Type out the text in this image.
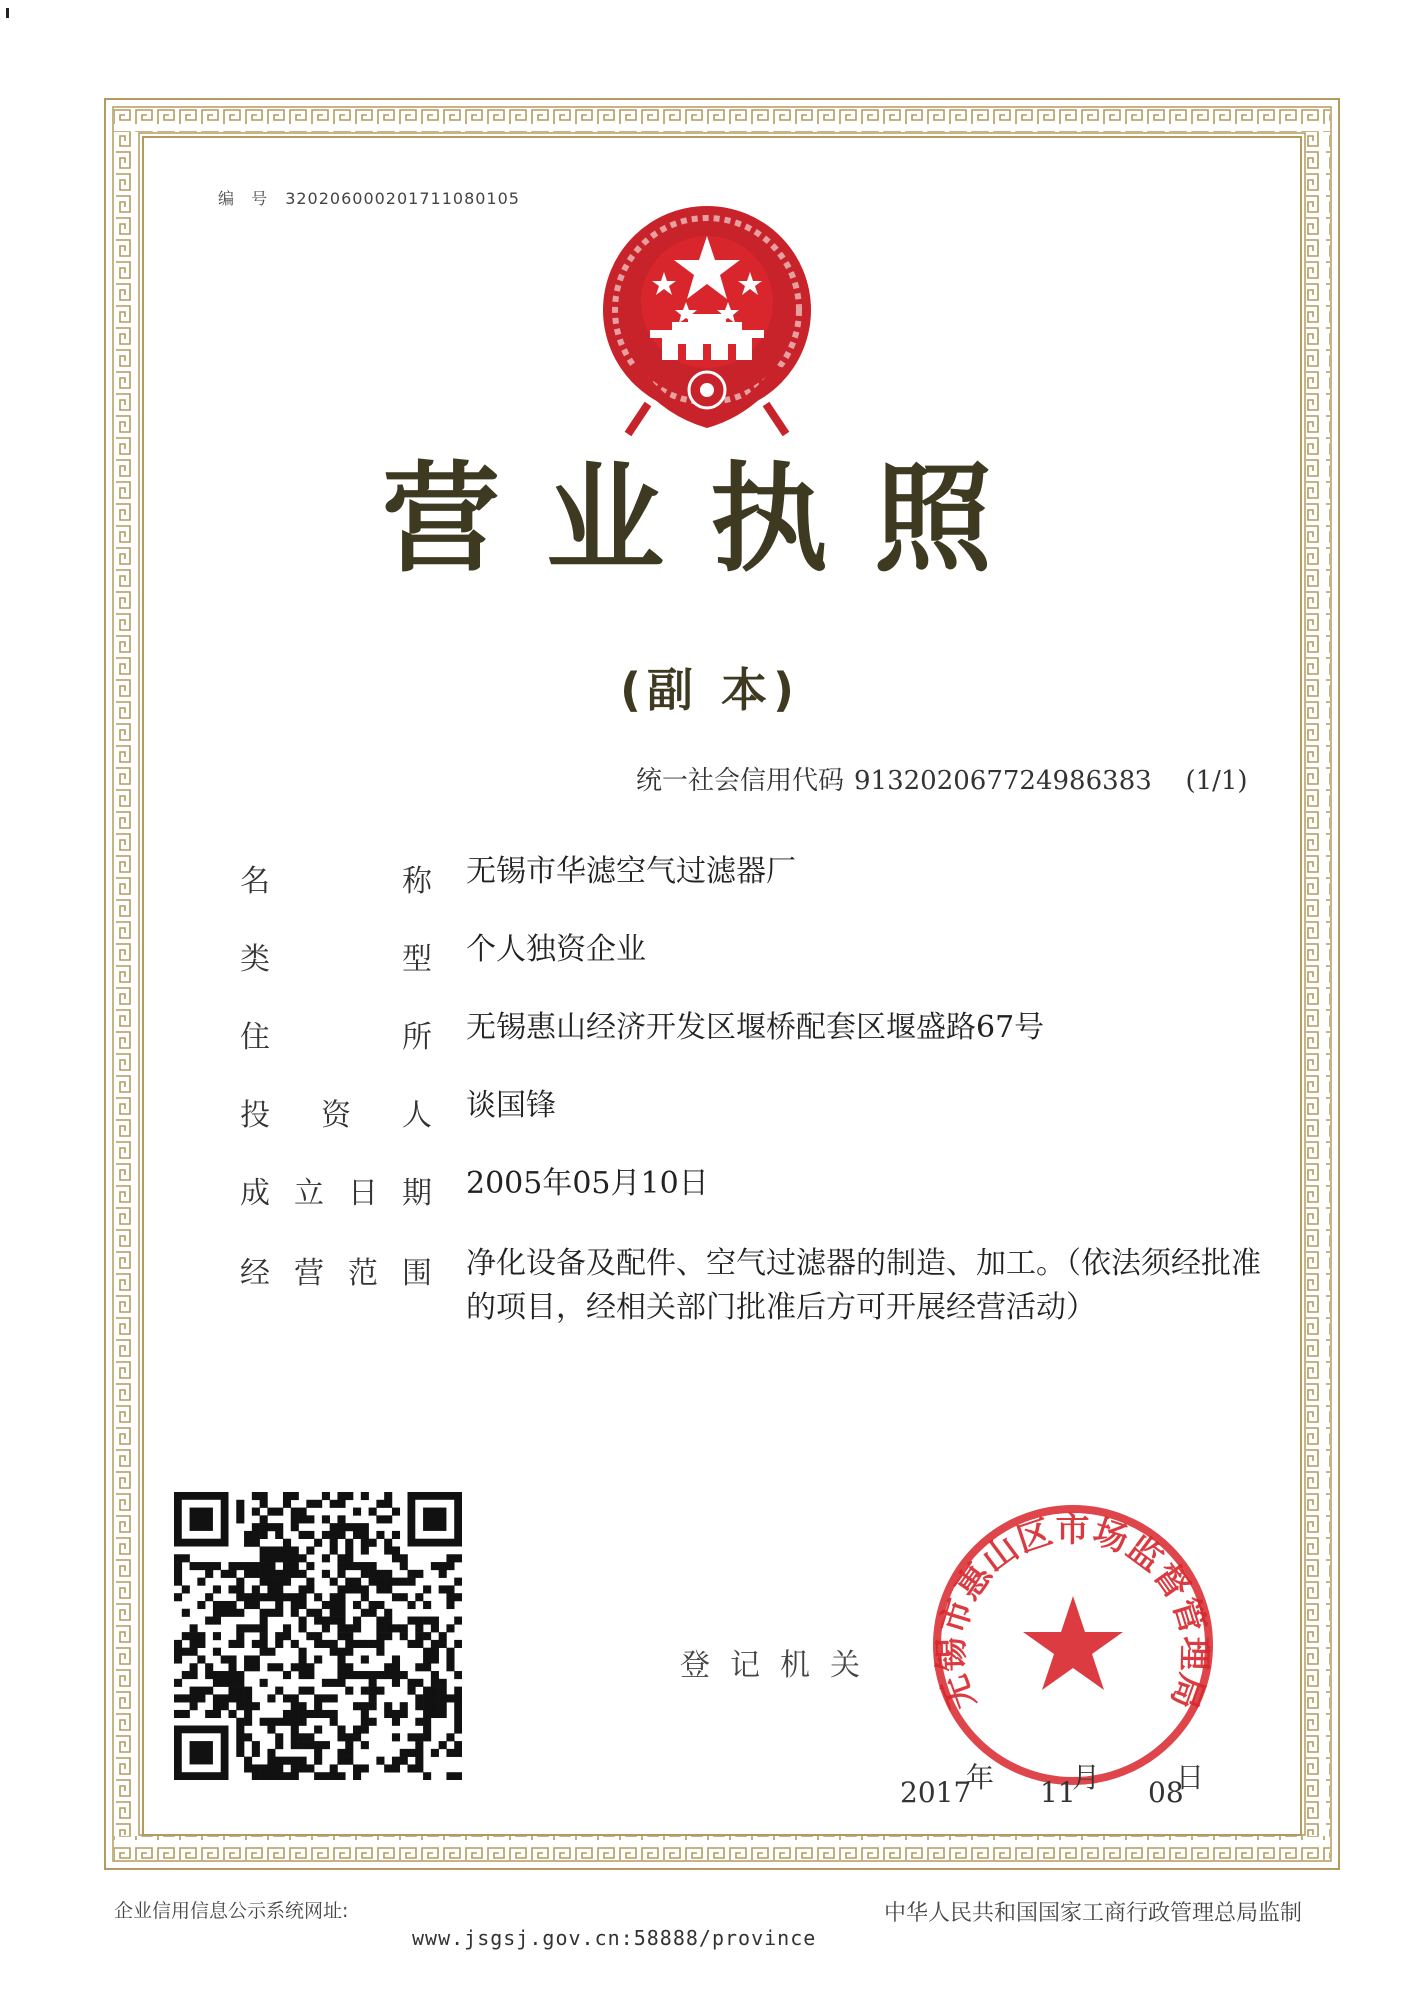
编 号 320206000201711080105
营业执照
(副 本)
统一社会信用代码 91320206772498638З (1/1)
名	称 无锡市华滤空气过滤器厂
类	型 个人独资企业
住	所 无锡惠山经济开发区堰桥配套区堰盛路67号
投 资 人 谈国锋
成 立 日 期 2005年05月10日
经 营 范 围 净化设备及配件、空气过滤器的制造、加工。（依法须经批准的项目，经相关部门批准后方可开展经营活动）
登记机关
无锡市惠山区市场监督管理局
2017
年 11
月 08
日
企业信用信息公示系统网址:
www.jsgsj.gov.cn:58888/province
中华人民共和国国家工商行政管理总局监制
